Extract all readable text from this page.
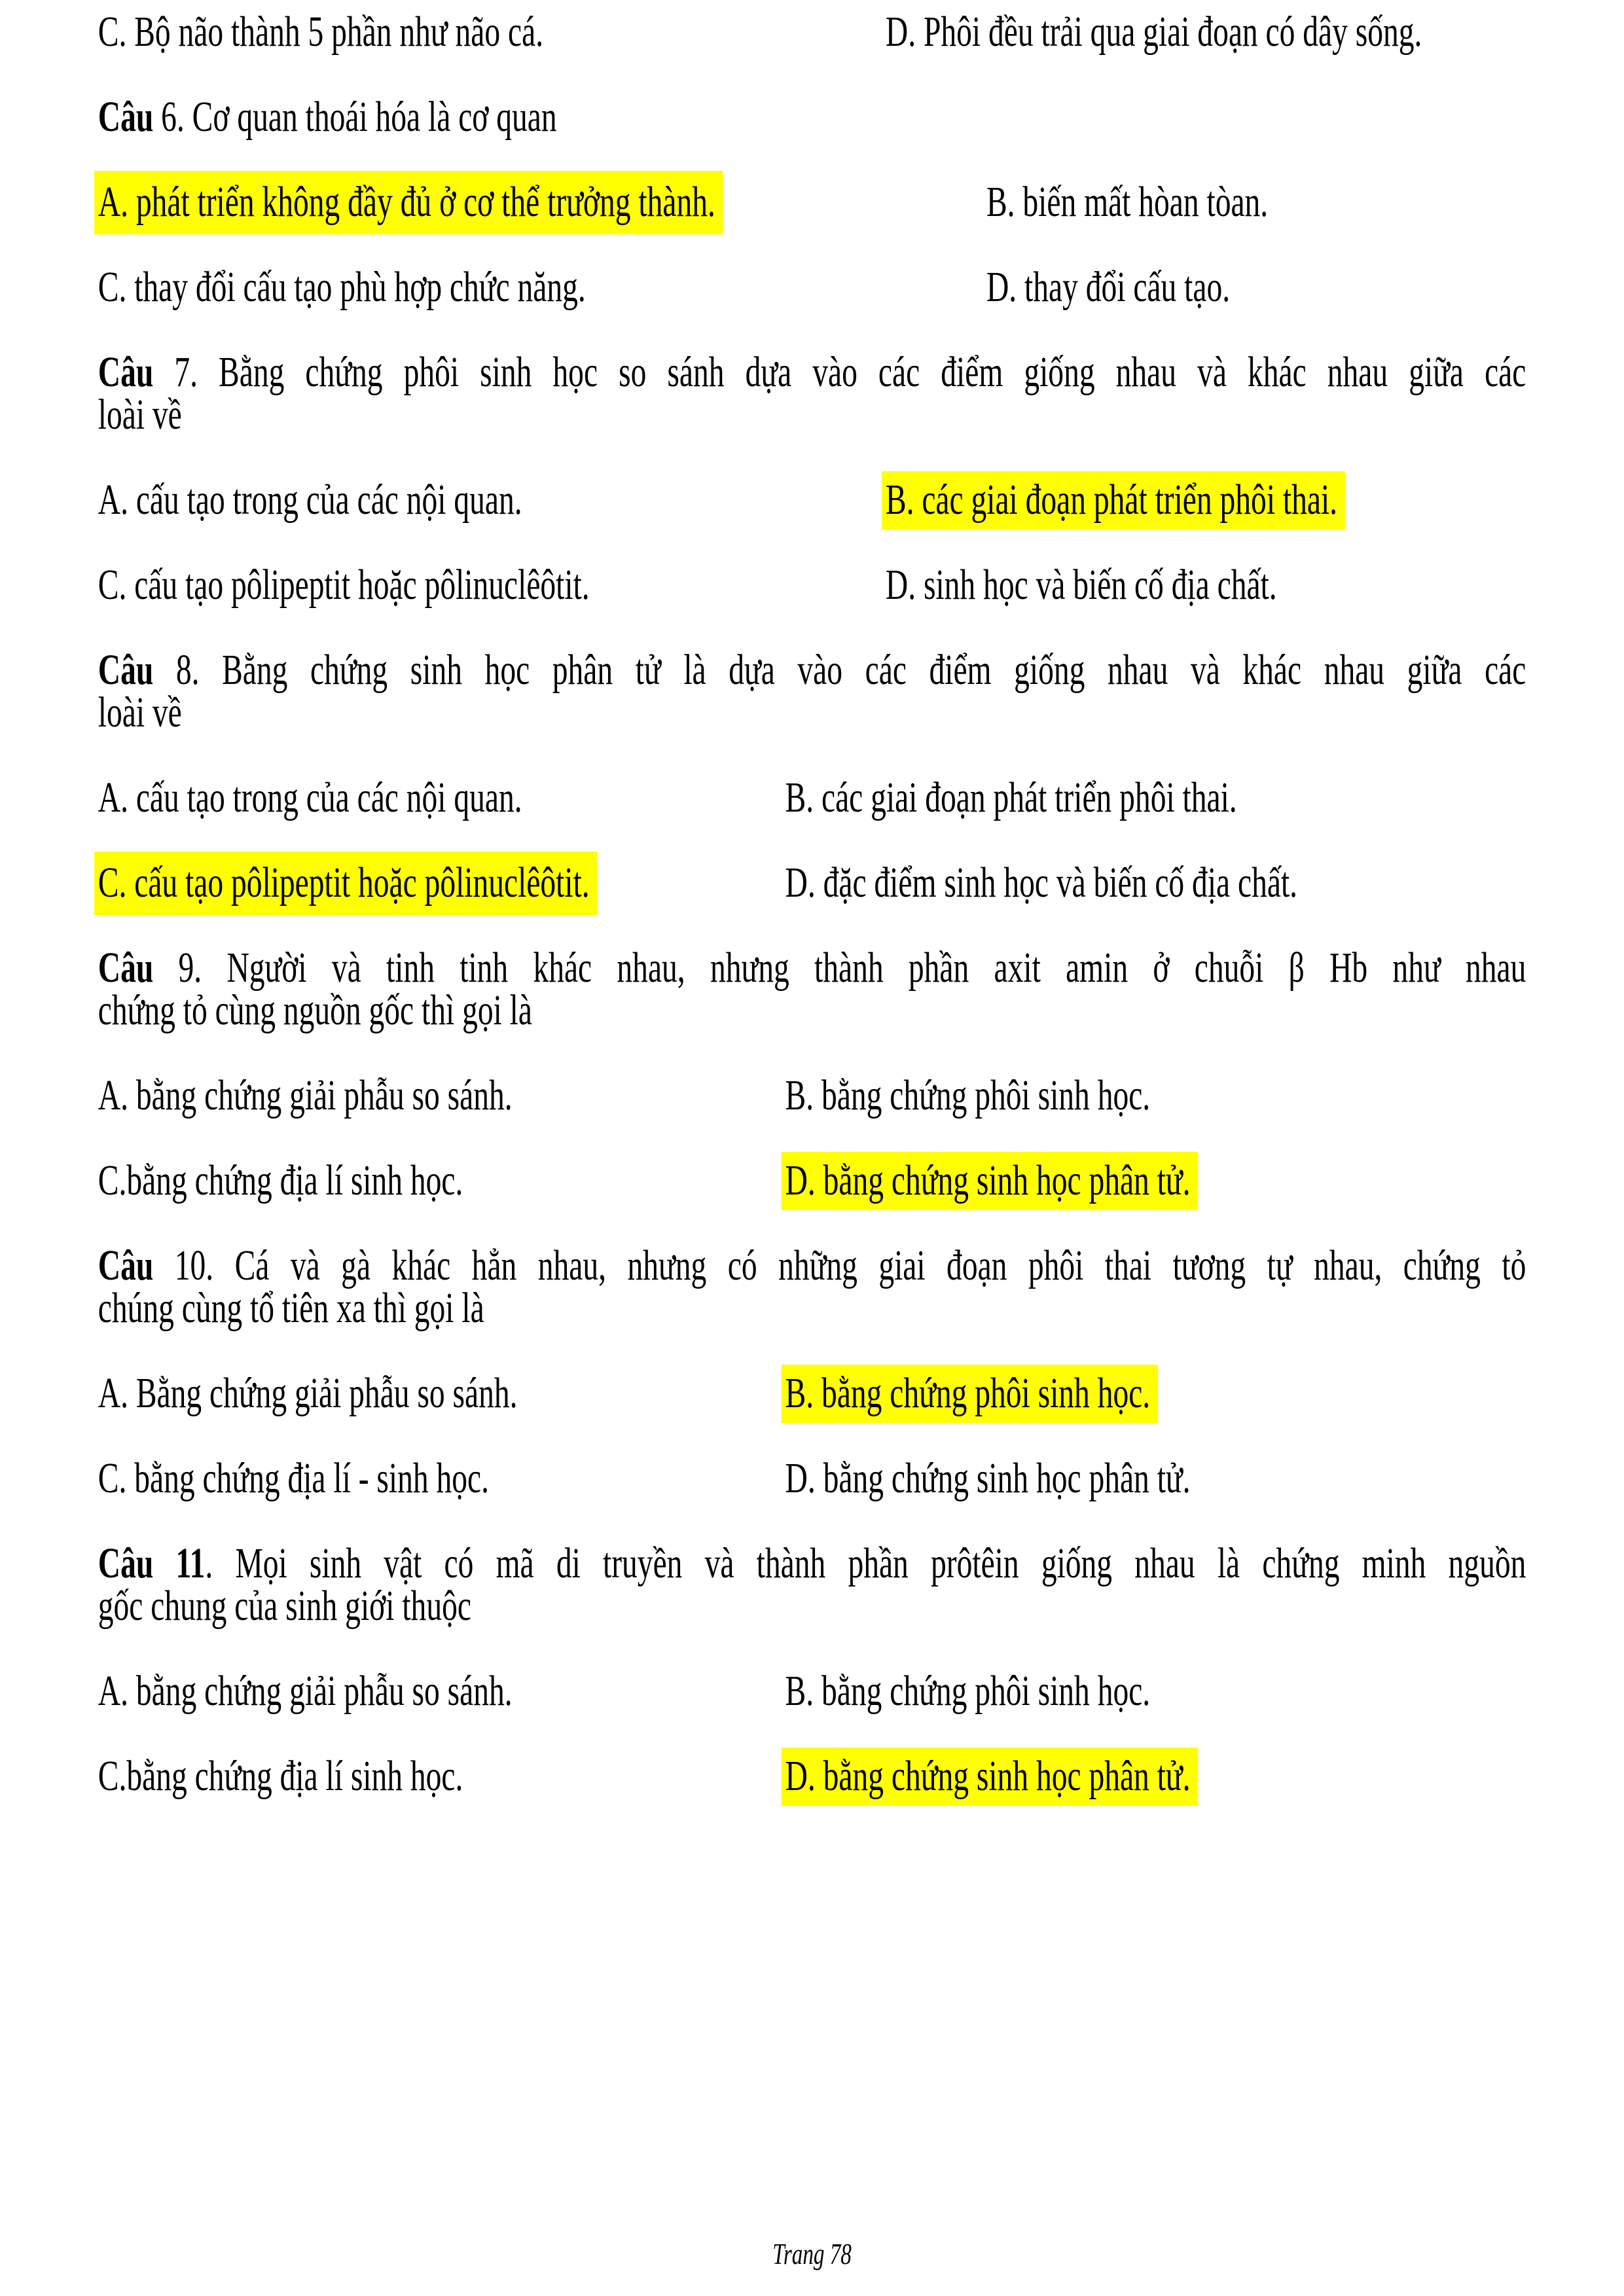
C. Bộ não thành 5 phần như não cá.	D. Phôi đều trải qua giai đoạn có dây sống.

Câu 6. Cơ quan thoái hóa là cơ quan

A. phát triển không đầy đủ ở cơ thể trưởng thành.	B. biến mất hòan tòan.
C. thay đổi cấu tạo phù hợp chức năng.	D. thay đổi cấu tạo.

Câu 7. Bằng chứng phôi sinh học so sánh dựa vào các điểm giống nhau và khác nhau giữa các
loài về

A. cấu tạo trong của các nội quan.	B. các giai đoạn phát triển phôi thai.
C. cấu tạo pôlipeptit hoặc pôlinuclêôtit.	D. sinh học và biến cố địa chất.

Câu 8. Bằng chứng sinh học phân tử là dựa vào các điểm giống nhau và khác nhau giữa các
loài về

A. cấu tạo trong của các nội quan.	B. các giai đoạn phát triển phôi thai.
C. cấu tạo pôlipeptit hoặc pôlinuclêôtit.	D. đặc điểm sinh học và biến cố địa chất.

Câu 9. Người và tinh tinh khác nhau, nhưng thành phần axit amin ở chuỗi β Hb như nhau
chứng tỏ cùng nguồn gốc thì gọi là

A. bằng chứng giải phẫu so sánh.	B. bằng chứng phôi sinh học.
C.bằng chứng địa lí sinh học.	D. bằng chứng sinh học phân tử.

Câu 10. Cá và gà khác hẳn nhau, nhưng có những giai đoạn phôi thai tương tự nhau, chứng tỏ
chúng cùng tổ tiên xa thì gọi là

A. Bằng chứng giải phẫu so sánh.	B. bằng chứng phôi sinh học.
C. bằng chứng địa lí - sinh học.	D. bằng chứng sinh học phân tử.

Câu 11. Mọi sinh vật có mã di truyền và thành phần prôtêin giống nhau là chứng minh nguồn
gốc chung của sinh giới thuộc

A. bằng chứng giải phẫu so sánh.	B. bằng chứng phôi sinh học.
C.bằng chứng địa lí sinh học.	D. bằng chứng sinh học phân tử.
Trang 78
